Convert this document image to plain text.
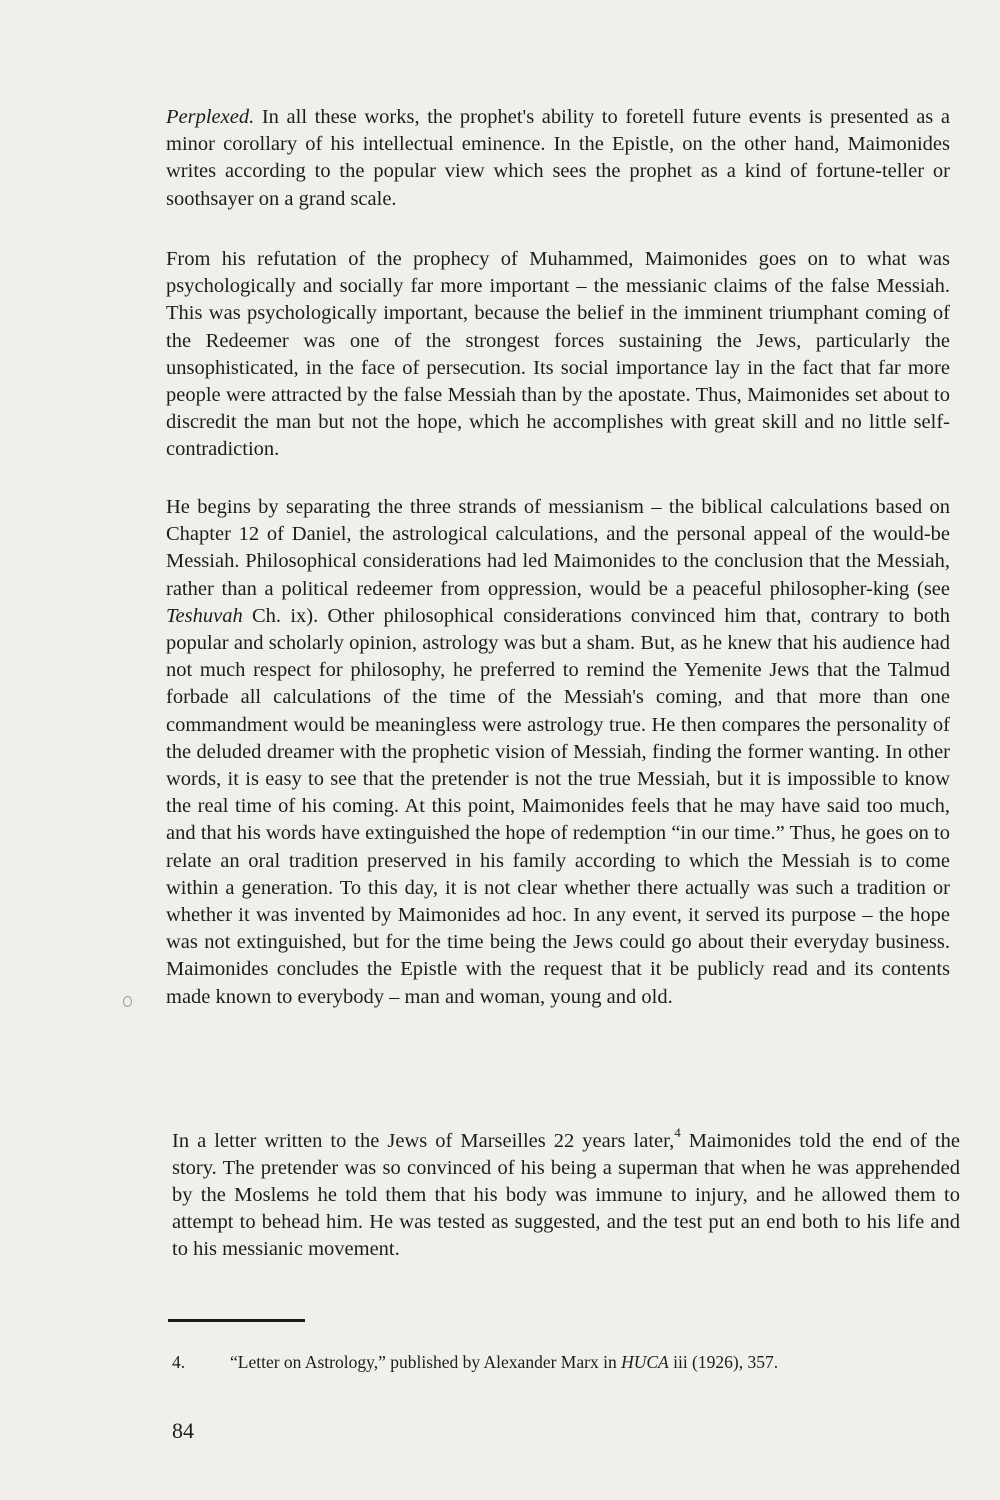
Perplexed. In all these works, the prophet's ability to foretell future events is presented as a minor corollary of his intellectual eminence. In the Epistle, on the other hand, Maimonides writes according to the popular view which sees the prophet as a kind of fortune-teller or soothsayer on a grand scale.

From his refutation of the prophecy of Muhammed, Maimonides goes on to what was psychologically and socially far more important – the messianic claims of the false Messiah. This was psychologically important, because the belief in the imminent triumphant coming of the Redeemer was one of the strongest forces sustaining the Jews, particularly the unsophisticated, in the face of persecution. Its social importance lay in the fact that far more people were attracted by the false Messiah than by the apostate. Thus, Maimonides set about to discredit the man but not the hope, which he accomplishes with great skill and no little self-contradiction.

He begins by separating the three strands of messianism – the biblical calculations based on Chapter 12 of Daniel, the astrological calculations, and the personal appeal of the would-be Messiah. Philosophical considerations had led Maimonides to the conclusion that the Messiah, rather than a political redeemer from oppression, would be a peaceful philosopher-king (see Teshuvah Ch. ix). Other philosophical considerations convinced him that, contrary to both popular and scholarly opinion, astrology was but a sham. But, as he knew that his audience had not much respect for philosophy, he preferred to remind the Yemenite Jews that the Talmud forbade all calculations of the time of the Messiah's coming, and that more than one commandment would be meaningless were astrology true. He then compares the personality of the deluded dreamer with the prophetic vision of Messiah, finding the former wanting. In other words, it is easy to see that the pretender is not the true Messiah, but it is impossible to know the real time of his coming. At this point, Maimonides feels that he may have said too much, and that his words have extinguished the hope of redemption “in our time.” Thus, he goes on to relate an oral tradition preserved in his family according to which the Messiah is to come within a generation. To this day, it is not clear whether there actually was such a tradition or whether it was invented by Maimonides ad hoc. In any event, it served its purpose – the hope was not extinguished, but for the time being the Jews could go about their everyday business. Maimonides concludes the Epistle with the request that it be publicly read and its contents made known to everybody – man and woman, young and old.

In a letter written to the Jews of Marseilles 22 years later,$^4$ Maimonides told the end of the story. The pretender was so convinced of his being a superman that when he was apprehended by the Moslems he told them that his body was immune to injury, and he allowed them to attempt to behead him. He was tested as suggested, and the test put an end both to his life and to his messianic movement.

4.	“Letter on Astrology,” published by Alexander Marx in HUCA iii (1926), 357.
84
